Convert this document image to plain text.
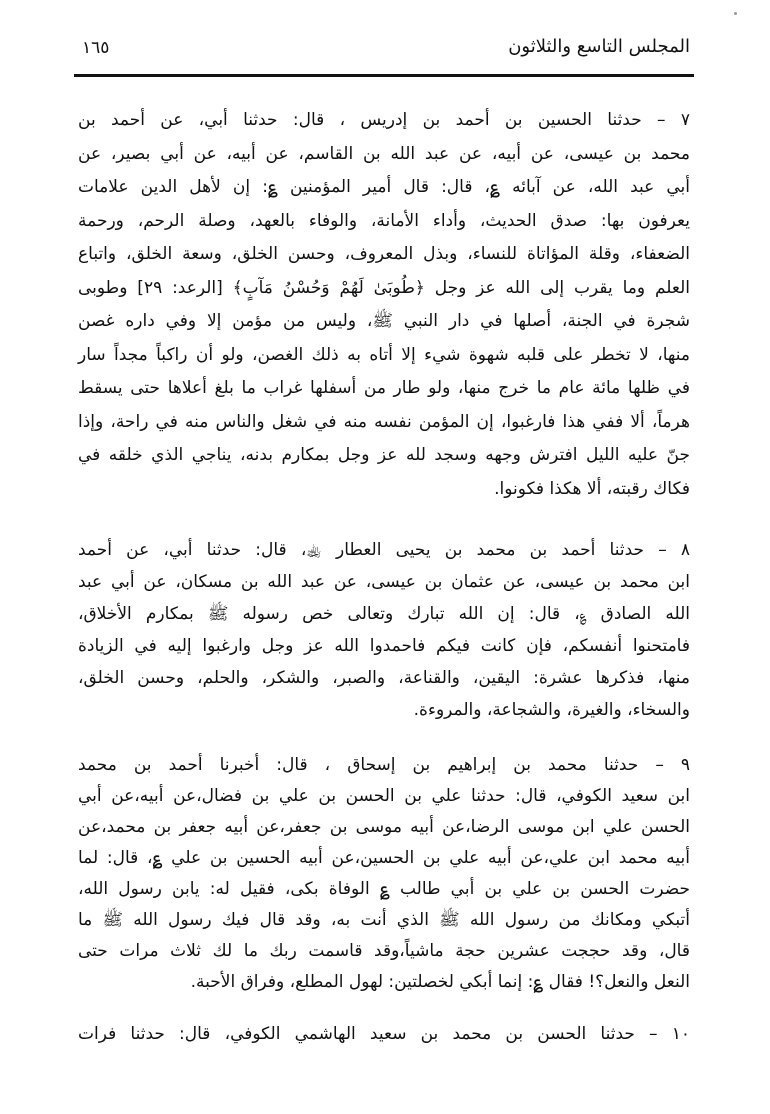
المجلس التاسع والثلاثون
١٦٥
٧ – حدثنا الحسين بن أحمد بن إدريس ، قال: حدثنا أبي، عن أحمد بن
محمد بن عيسى، عن أبيه، عن عبد الله بن القاسم، عن أبيه، عن أبي بصير، عن
أبي عبد الله، عن آبائه ؏، قال: قال أمير المؤمنين ؏: إن لأهل الدين علامات
يعرفون بها: صدق الحديث، وأداء الأمانة، والوفاء بالعهد، وصلة الرحم، ورحمة
الضعفاء، وقلة المؤاتاة للنساء، وبذل المعروف، وحسن الخلق، وسعة الخلق، واتباع
العلم وما يقرب إلى الله عز وجل ﴿طُوبَىٰ لَهُمْ وَحُسْنُ مَآبٍ﴾ [الرعد: ٢٩] وطوبى
شجرة في الجنة، أصلها في دار النبي ﷺ، وليس من مؤمن إلا وفي داره غصن
منها، لا تخطر على قلبه شهوة شيء إلا أتاه به ذلك الغصن، ولو أن راكباً مجداً سار
في ظلها مائة عام ما خرج منها، ولو طار من أسفلها غراب ما بلغ أعلاها حتى يسقط
هرماً، ألا ففي هذا فارغبوا، إن المؤمن نفسه منه في شغل والناس منه في راحة، وإذا
جنّ عليه الليل افترش وجهه وسجد لله عز وجل بمكارم بدنه، يناجي الذي خلقه في
فكاك رقبته، ألا هكذا فكونوا.
٨ – حدثنا أحمد بن محمد بن يحيى العطار ﵀، قال: حدثنا أبي، عن أحمد
ابن محمد بن عيسى، عن عثمان بن عيسى، عن عبد الله بن مسكان، عن أبي عبد
الله الصادق ؏، قال: إن الله تبارك وتعالى خص رسوله ﷺ بمكارم الأخلاق،
فامتحنوا أنفسكم، فإن كانت فيكم فاحمدوا الله عز وجل وارغبوا إليه في الزيادة
منها، فذكرها عشرة: اليقين، والقناعة، والصبر، والشكر، والحلم، وحسن الخلق،
والسخاء، والغيرة، والشجاعة، والمروءة.
٩ – حدثنا محمد بن إبراهيم بن إسحاق ، قال: أخبرنا أحمد بن محمد
ابن سعيد الكوفي، قال: حدثنا علي بن الحسن بن علي بن فضال،عن أبيه،عن أبي
الحسن علي ابن موسى الرضا،عن أبيه موسى بن جعفر،عن أبيه جعفر بن محمد،عن
أبيه محمد ابن علي،عن أبيه علي بن الحسين،عن أبيه الحسين بن علي ؏، قال: لما
حضرت الحسن بن علي بن أبي طالب ؏ الوفاة بكى، فقيل له: يابن رسول الله،
أتبكي ومكانك من رسول الله ﷺ الذي أنت به، وقد قال فيك رسول الله ﷺ ما
قال، وقد حججت عشرين حجة ماشياً،وقد قاسمت ربك ما لك ثلاث مرات حتى
النعل والنعل؟! فقال ؏: إنما أبكي لخصلتين: لهول المطلع، وفراق الأحبة.
١٠ – حدثنا الحسن بن محمد بن سعيد الهاشمي الكوفي، قال: حدثنا فرات
